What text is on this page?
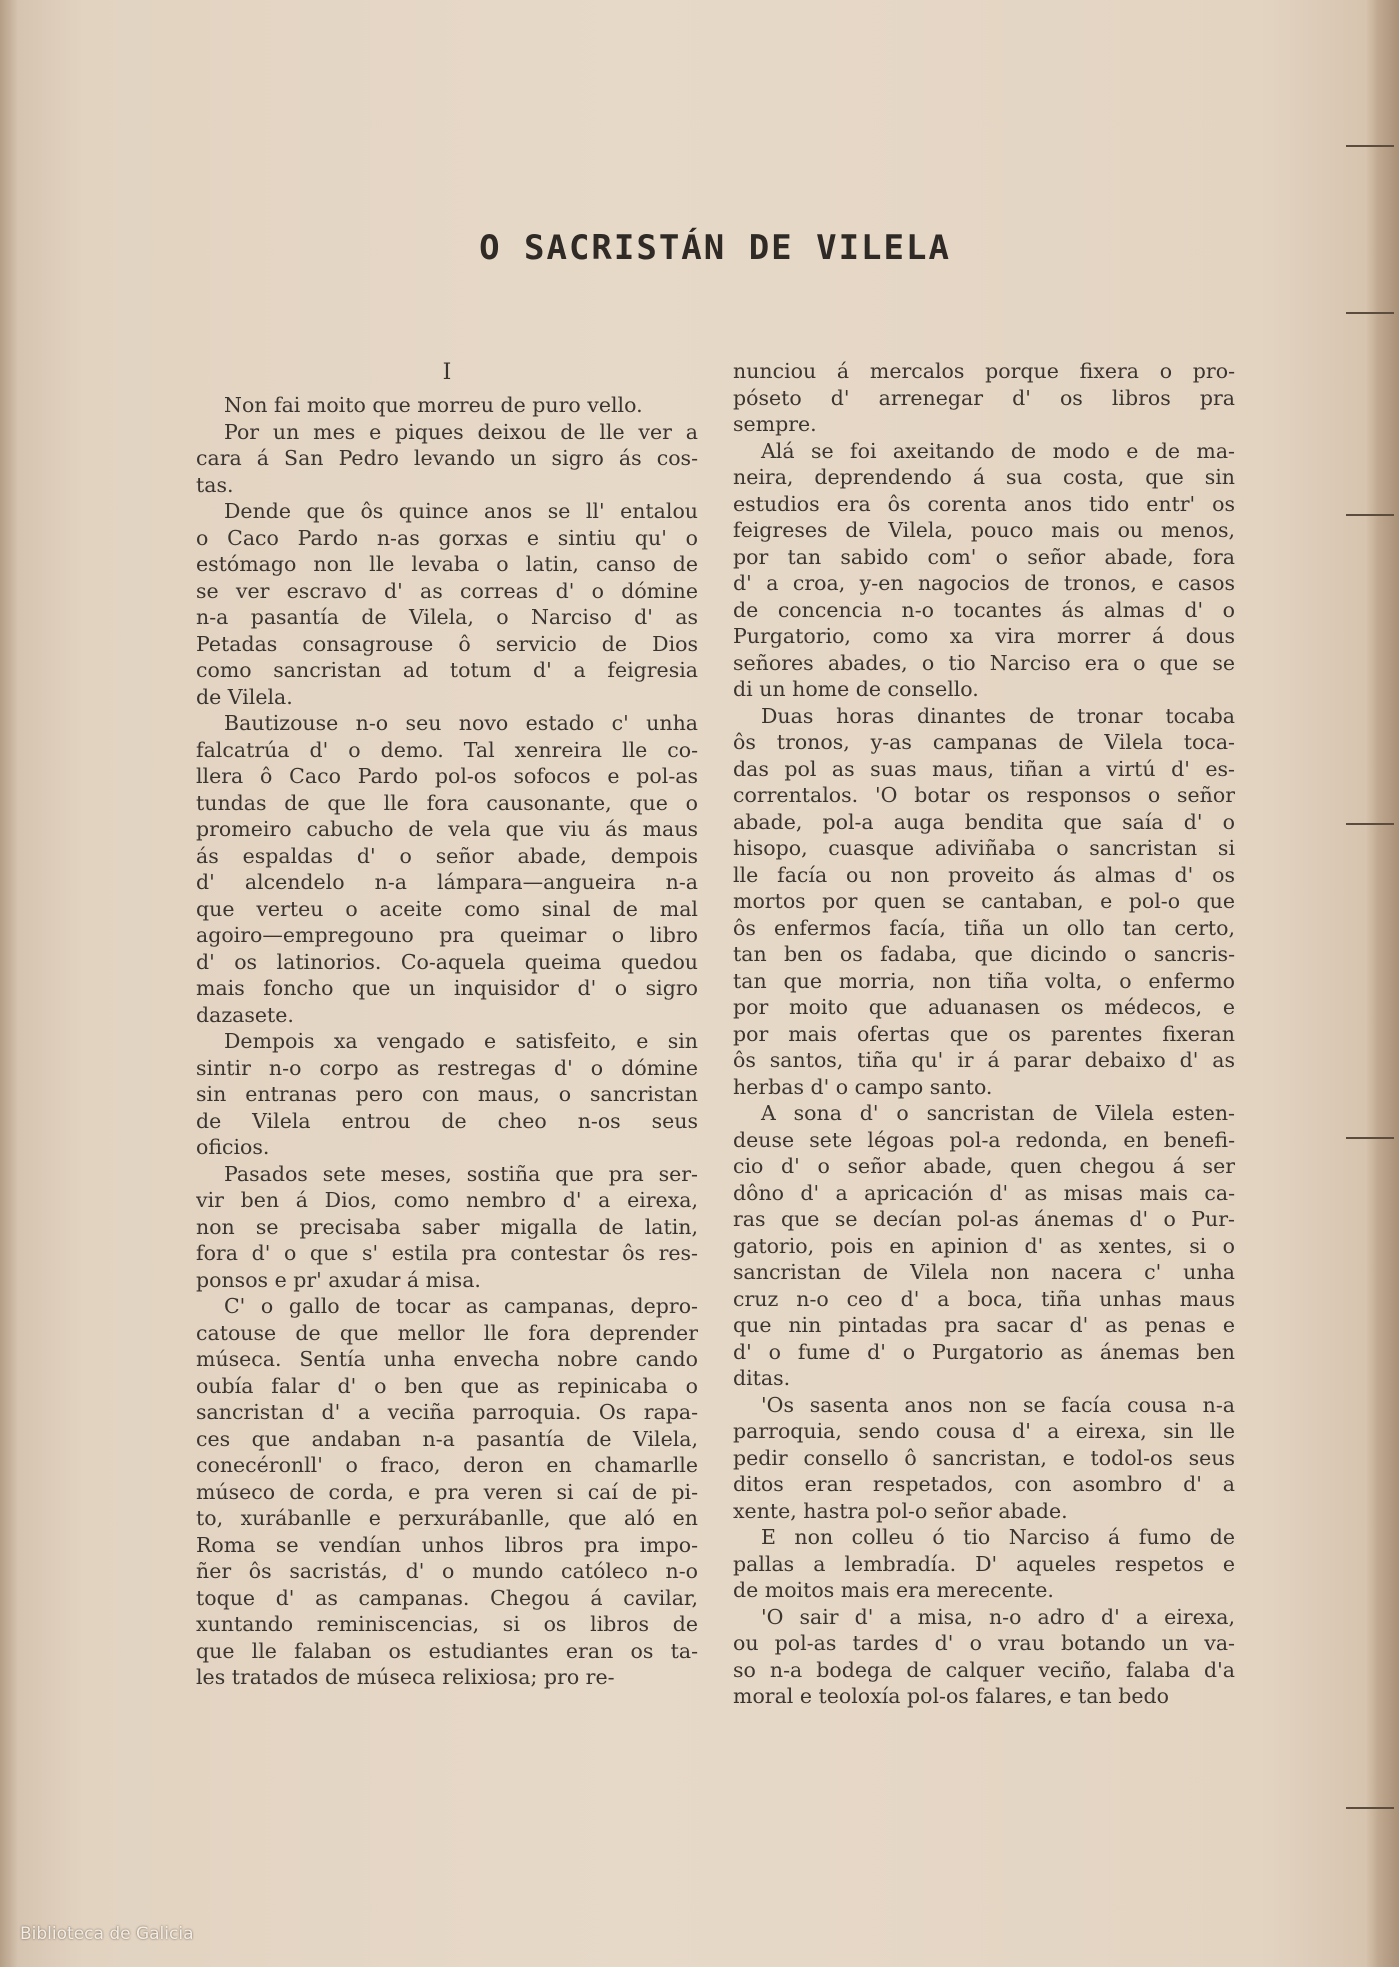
O SACRISTÁN DE VILELA
I
Non fai moito que morreu de puro vello.
Por un mes e piques deixou de lle ver a
cara á San Pedro levando un sigro ás cos-
tas.
Dende que ôs quince anos se ll' entalou
o Caco Pardo n-as gorxas e sintiu qu' o
estómago non lle levaba o latin, canso de
se ver escravo d' as correas d' o dómine
n-a pasantía de Vilela, o Narciso d' as
Petadas consagrouse ô servicio de Dios
como sancristan ad totum d' a feigresia
de Vilela.
Bautizouse n-o seu novo estado c' unha
falcatrúa d' o demo. Tal xenreira lle co-
llera ô Caco Pardo pol-os sofocos e pol-as
tundas de que lle fora causonante, que o
promeiro cabucho de vela que viu ás maus
ás espaldas d' o señor abade, dempois
d' alcendelo n-a lámpara—angueira n-a
que verteu o aceite como sinal de mal
agoiro—empregouno pra queimar o libro
d' os latinorios. Co-aquela queima quedou
mais foncho que un inquisidor d' o sigro
dazasete.
Dempois xa vengado e satisfeito, e sin
sintir n-o corpo as restregas d' o dómine
sin entranas pero con maus, o sancristan
de Vilela entrou de cheo n-os seus
oficios.
Pasados sete meses, sostiña que pra ser-
vir ben á Dios, como nembro d' a eirexa,
non se precisaba saber migalla de latin,
fora d' o que s' estila pra contestar ôs res-
ponsos e pr' axudar á misa.
C' o gallo de tocar as campanas, depro-
catouse de que mellor lle fora deprender
múseca. Sentía unha envecha nobre cando
oubía falar d' o ben que as repinicaba o
sancristan d' a veciña parroquia. Os rapa-
ces que andaban n-a pasantía de Vilela,
conecéronll' o fraco, deron en chamarlle
múseco de corda, e pra veren si caí de pi-
to, xurábanlle e perxurábanlle, que aló en
Roma se vendían unhos libros pra impo-
ñer ôs sacristás, d' o mundo católeco n-o
toque d' as campanas. Chegou á cavilar,
xuntando reminiscencias, si os libros de
que lle falaban os estudiantes eran os ta-
les tratados de múseca relixiosa; pro re-
nunciou á mercalos porque fixera o pro-
póseto d' arrenegar d' os libros pra
sempre.
Alá se foi axeitando de modo e de ma-
neira, deprendendo á sua costa, que sin
estudios era ôs corenta anos tido entr' os
feigreses de Vilela, pouco mais ou menos,
por tan sabido com' o señor abade, fora
d' a croa, y-en nagocios de tronos, e casos
de concencia n-o tocantes ás almas d' o
Purgatorio, como xa vira morrer á dous
señores abades, o tio Narciso era o que se
di un home de consello.
Duas horas dinantes de tronar tocaba
ôs tronos, y-as campanas de Vilela toca-
das pol as suas maus, tiñan a virtú d' es-
correntalos. 'O botar os responsos o señor
abade, pol-a auga bendita que saía d' o
hisopo, cuasque adiviñaba o sancristan si
lle facía ou non proveito ás almas d' os
mortos por quen se cantaban, e pol-o que
ôs enfermos facía, tiña un ollo tan certo,
tan ben os fadaba, que dicindo o sancris-
tan que morria, non tiña volta, o enfermo
por moito que aduanasen os médecos, e
por mais ofertas que os parentes fixeran
ôs santos, tiña qu' ir á parar debaixo d' as
herbas d' o campo santo.
A sona d' o sancristan de Vilela esten-
deuse sete légoas pol-a redonda, en benefi-
cio d' o señor abade, quen chegou á ser
dôno d' a apricación d' as misas mais ca-
ras que se decían pol-as ánemas d' o Pur-
gatorio, pois en apinion d' as xentes, si o
sancristan de Vilela non nacera c' unha
cruz n-o ceo d' a boca, tiña unhas maus
que nin pintadas pra sacar d' as penas e
d' o fume d' o Purgatorio as ánemas ben
ditas.
'Os sasenta anos non se facía cousa n-a
parroquia, sendo cousa d' a eirexa, sin lle
pedir consello ô sancristan, e todol-os seus
ditos eran respetados, con asombro d' a
xente, hastra pol-o señor abade.
E non colleu ó tio Narciso á fumo de
pallas a lembradía. D' aqueles respetos e
de moitos mais era merecente.
'O sair d' a misa, n-o adro d' a eirexa,
ou pol-as tardes d' o vrau botando un va-
so n-a bodega de calquer veciño, falaba d'a
moral e teoloxía pol-os falares, e tan bedo
Biblioteca de Galicia
